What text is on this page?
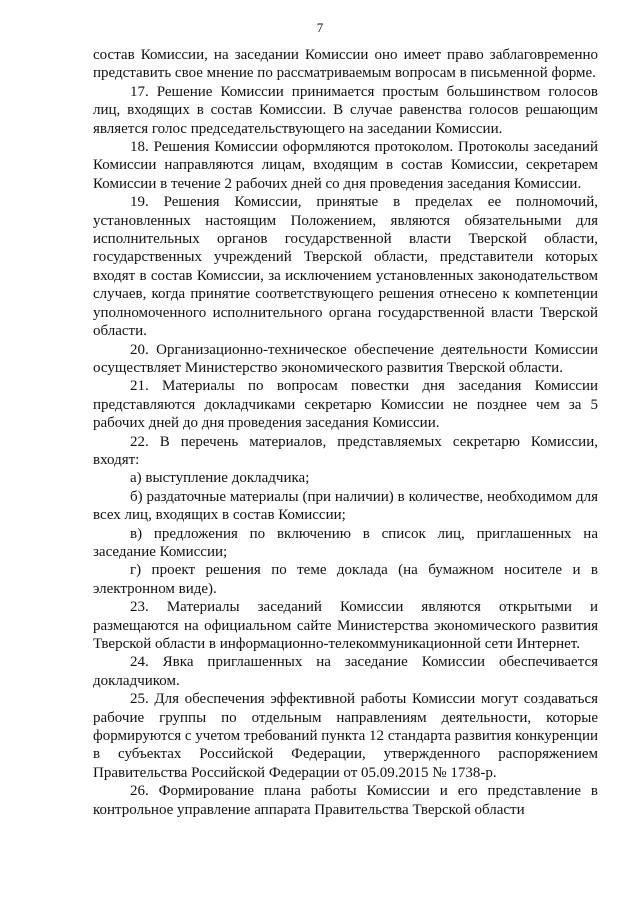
7

состав Комиссии, на заседании Комиссии оно имеет право заблаговременно представить свое мнение по рассматриваемым вопросам в письменной форме.

17. Решение Комиссии принимается простым большинством голосов лиц, входящих в состав Комиссии. В случае равенства голосов решающим является голос председательствующего на заседании Комиссии.

18. Решения Комиссии оформляются протоколом. Протоколы заседаний Комиссии направляются лицам, входящим в состав Комиссии, секретарем Комиссии в течение 2 рабочих дней со дня проведения заседания Комиссии.

19. Решения Комиссии, принятые в пределах ее полномочий, установленных настоящим Положением, являются обязательными для исполнительных органов государственной власти Тверской области, государственных учреждений Тверской области, представители которых входят в состав Комиссии, за исключением установленных законодательством случаев, когда принятие соответствующего решения отнесено к компетенции уполномоченного исполнительного органа государственной власти Тверской области.

20. Организационно-техническое обеспечение деятельности Комиссии осуществляет Министерство экономического развития Тверской области.

21. Материалы по вопросам повестки дня заседания Комиссии представляются докладчиками секретарю Комиссии не позднее чем за 5 рабочих дней до дня проведения заседания Комиссии.

22. В перечень материалов, представляемых секретарю Комиссии, входят:

а) выступление докладчика;

б) раздаточные материалы (при наличии) в количестве, необходимом для всех лиц, входящих в состав Комиссии;

в) предложения по включению в список лиц, приглашенных на заседание Комиссии;

г) проект решения по теме доклада (на бумажном носителе и в электронном виде).

23. Материалы заседаний Комиссии являются открытыми и размещаются на официальном сайте Министерства экономического развития Тверской области в информационно-телекоммуникационной сети Интернет.

24. Явка приглашенных на заседание Комиссии обеспечивается докладчиком.

25. Для обеспечения эффективной работы Комиссии могут создаваться рабочие группы по отдельным направлениям деятельности, которые формируются с учетом требований пункта 12 стандарта развития конкуренции в субъектах Российской Федерации, утвержденного распоряжением Правительства Российской Федерации от 05.09.2015 № 1738-р.

26. Формирование плана работы Комиссии и его представление в контрольное управление аппарата Правительства Тверской области
